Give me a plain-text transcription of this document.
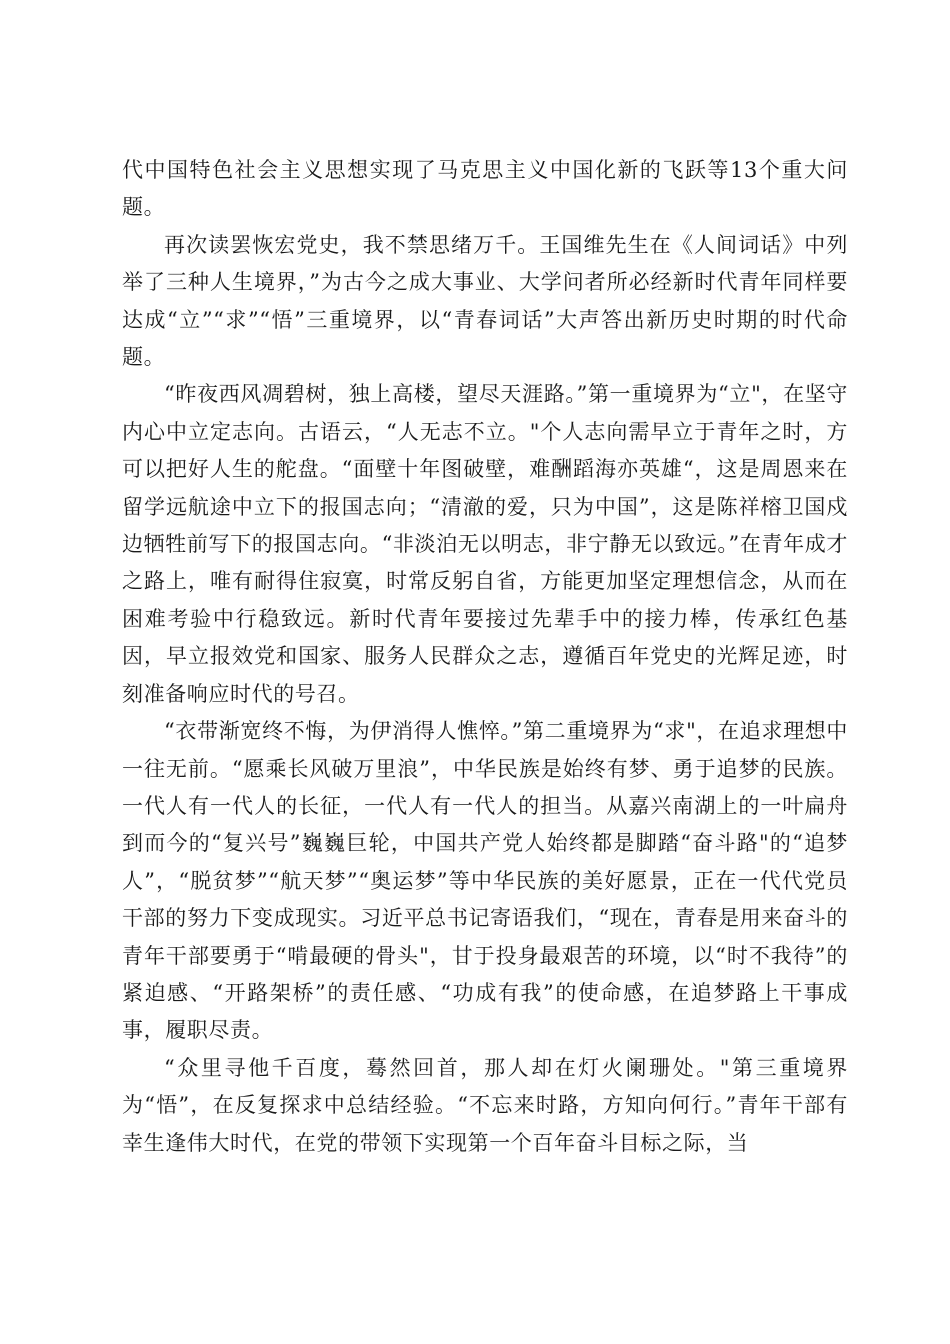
代中国特色社会主义思想实现了马克思主义中国化新的飞跃等13个重大问题。

再次读罢恢宏党史，我不禁思绪万千。王国维先生在《人间词话》中列举了三种人生境界，”为古今之成大事业、大学问者所必经新时代青年同样要达成“立”“求”“悟”三重境界，以“青春词话”大声答出新历史时期的时代命题。

“昨夜西风凋碧树，独上高楼，望尽天涯路。”第一重境界为“立"，在坚守内心中立定志向。古语云，“人无志不立。"个人志向需早立于青年之时，方可以把好人生的舵盘。“面壁十年图破壁，难酬蹈海亦英雄“，这是周恩来在留学远航途中立下的报国志向；“清澈的爱，只为中国”，这是陈祥榕卫国戍边牺牲前写下的报国志向。“非淡泊无以明志，非宁静无以致远。”在青年成才之路上，唯有耐得住寂寞，时常反躬自省，方能更加坚定理想信念，从而在困难考验中行稳致远。新时代青年要接过先辈手中的接力棒，传承红色基因，早立报效党和国家、服务人民群众之志，遵循百年党史的光辉足迹，时刻准备响应时代的号召。

“衣带渐宽终不悔，为伊消得人憔悴。”第二重境界为“求"，在追求理想中一往无前。“愿乘长风破万里浪”，中华民族是始终有梦、勇于追梦的民族。一代人有一代人的长征，一代人有一代人的担当。从嘉兴南湖上的一叶扁舟到而今的“复兴号”巍巍巨轮，中国共产党人始终都是脚踏“奋斗路"的“追梦人”，“脱贫梦”“航天梦”“奥运梦”等中华民族的美好愿景，正在一代代党员干部的努力下变成现实。习近平总书记寄语我们，“现在，青春是用来奋斗的青年干部要勇于“啃最硬的骨头"，甘于投身最艰苦的环境，以“时不我待”的紧迫感、“开路架桥”的责任感、“功成有我”的使命感，在追梦路上干事成事，履职尽责。

“众里寻他千百度，蓦然回首，那人却在灯火阑珊处。"第三重境界为“悟”，在反复探求中总结经验。“不忘来时路，方知向何行。”青年干部有幸生逢伟大时代，在党的带领下实现第一个百年奋斗目标之际，当
